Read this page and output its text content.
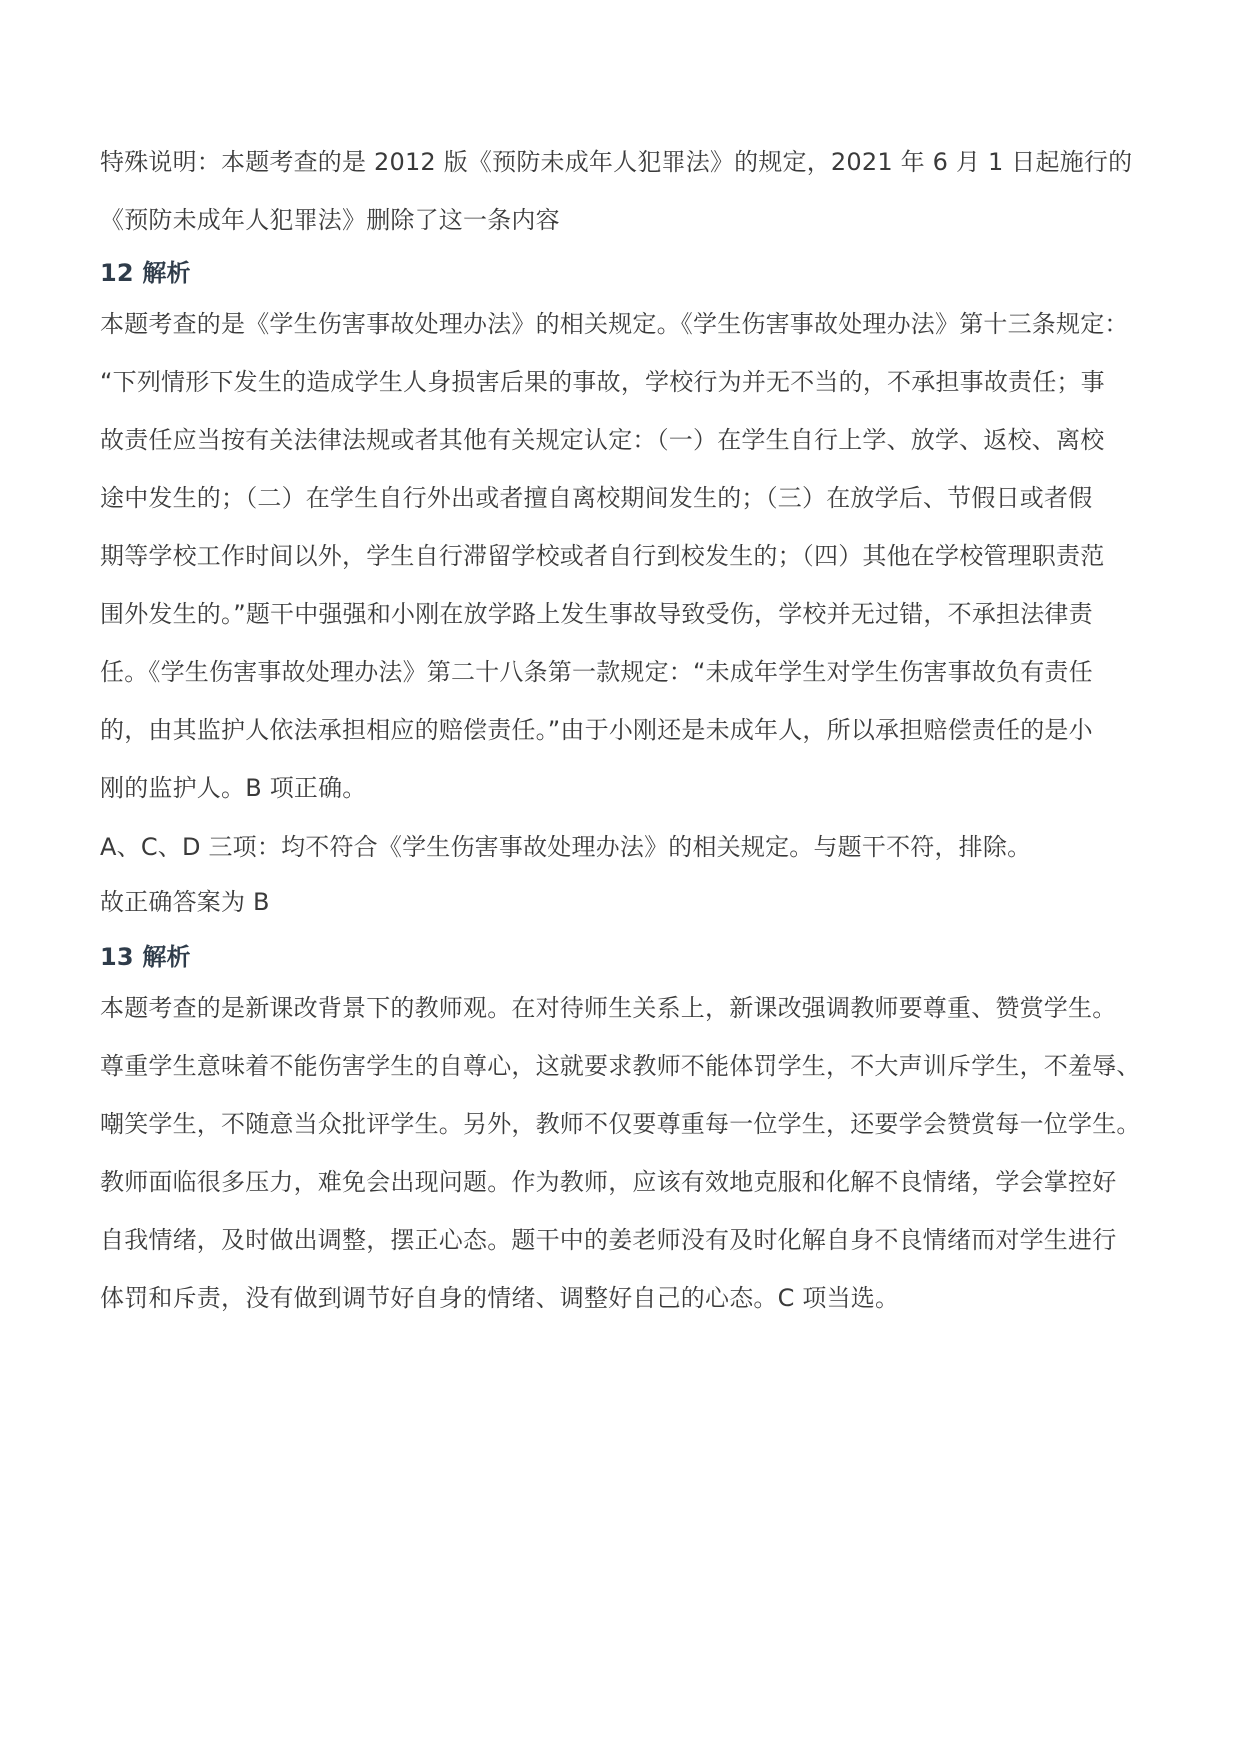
特殊说明：本题考查的是 2012 版《预防未成年人犯罪法》的规定，2021 年 6 月 1 日起施行的
《预防未成年人犯罪法》删除了这一条内容
12 解析
本题考查的是《学生伤害事故处理办法》的相关规定。《学生伤害事故处理办法》第十三条规定：
“下列情形下发生的造成学生人身损害后果的事故，学校行为并无不当的，不承担事故责任；事
故责任应当按有关法律法规或者其他有关规定认定：（一）在学生自行上学、放学、返校、离校
途中发生的；（二）在学生自行外出或者擅自离校期间发生的；（三）在放学后、节假日或者假
期等学校工作时间以外，学生自行滞留学校或者自行到校发生的；（四）其他在学校管理职责范
围外发生的。”题干中强强和小刚在放学路上发生事故导致受伤，学校并无过错，不承担法律责
任。《学生伤害事故处理办法》第二十八条第一款规定：“未成年学生对学生伤害事故负有责任
的，由其监护人依法承担相应的赔偿责任。”由于小刚还是未成年人，所以承担赔偿责任的是小
刚的监护人。B 项正确。
A、C、D 三项：均不符合《学生伤害事故处理办法》的相关规定。与题干不符，排除。
故正确答案为 B
13 解析
本题考查的是新课改背景下的教师观。在对待师生关系上，新课改强调教师要尊重、赞赏学生。
尊重学生意味着不能伤害学生的自尊心，这就要求教师不能体罚学生，不大声训斥学生，不羞辱、
嘲笑学生，不随意当众批评学生。另外，教师不仅要尊重每一位学生，还要学会赞赏每一位学生。
教师面临很多压力，难免会出现问题。作为教师，应该有效地克服和化解不良情绪，学会掌控好
自我情绪，及时做出调整，摆正心态。题干中的姜老师没有及时化解自身不良情绪而对学生进行
体罚和斥责，没有做到调节好自身的情绪、调整好自己的心态。C 项当选。
